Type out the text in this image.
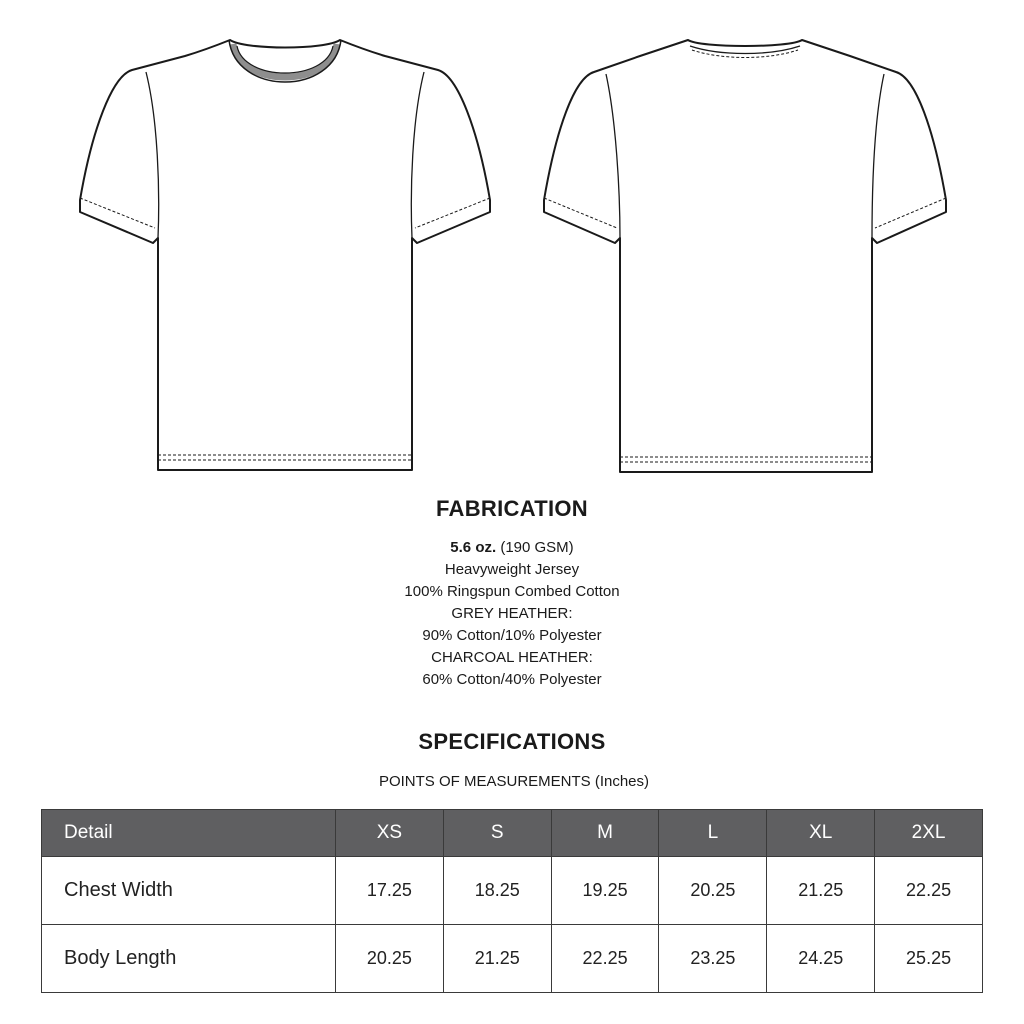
FABRICATION
5.6 oz. (190 GSM)
Heavyweight Jersey
100% Ringspun Combed Cotton
GREY HEATHER:
90% Cotton/10% Polyester
CHARCOAL HEATHER:
60% Cotton/40% Polyester
SPECIFICATIONS
POINTS OF MEASUREMENTS (Inches)
Detail	XS	S	M	L	XL	2XL
Chest Width	17.25	18.25	19.25	20.25	21.25	22.25
Body Length	20.25	21.25	22.25	23.25	24.25	25.25
